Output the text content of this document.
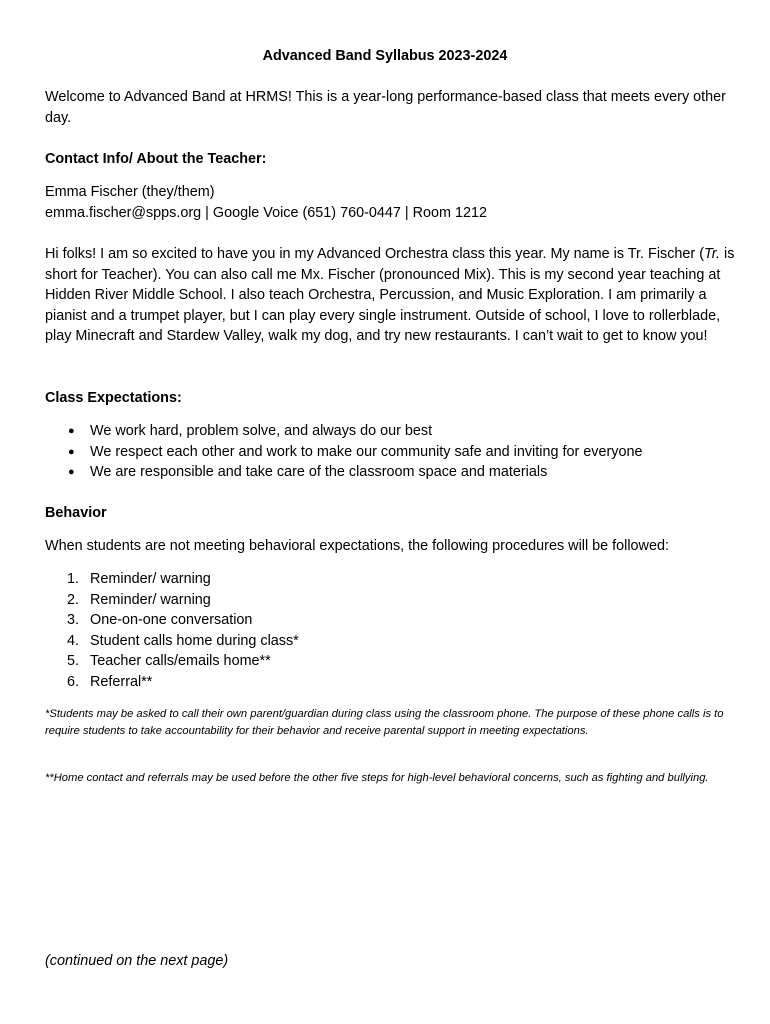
Advanced Band Syllabus 2023-2024

Welcome to Advanced Band at HRMS! This is a year-long performance-based class that meets every other day.

Contact Info/ About the Teacher:

Emma Fischer (they/them)

emma.fischer@spps.org | Google Voice (651) 760-0447 | Room 1212

Hi folks! I am so excited to have you in my Advanced Orchestra class this year. My name is Tr. Fischer (Tr. is short for Teacher). You can also call me Mx. Fischer (pronounced Mix). This is my second year teaching at Hidden River Middle School. I also teach Orchestra, Percussion, and Music Exploration. I am primarily a pianist and a trumpet player, but I can play every single instrument. Outside of school, I love to rollerblade, play Minecraft and Stardew Valley, walk my dog, and try new restaurants. I can’t wait to get to know you!

Class Expectations:
● We work hard, problem solve, and always do our best
● We respect each other and work to make our community safe and inviting for everyone
● We are responsible and take care of the classroom space and materials
Behavior

When students are not meeting behavioral expectations, the following procedures will be followed:

1. Reminder/ warning
2. Reminder/ warning
3. One-on-one conversation
4. Student calls home during class*
5. Teacher calls/emails home**
6. Referral**

*Students may be asked to call their own parent/guardian during class using the classroom phone. The purpose of these phone calls is to require students to take accountability for their behavior and receive parental support in meeting expectations.

**Home contact and referrals may be used before the other five steps for high-level behavioral concerns, such as fighting and bullying.

(continued on the next page)
